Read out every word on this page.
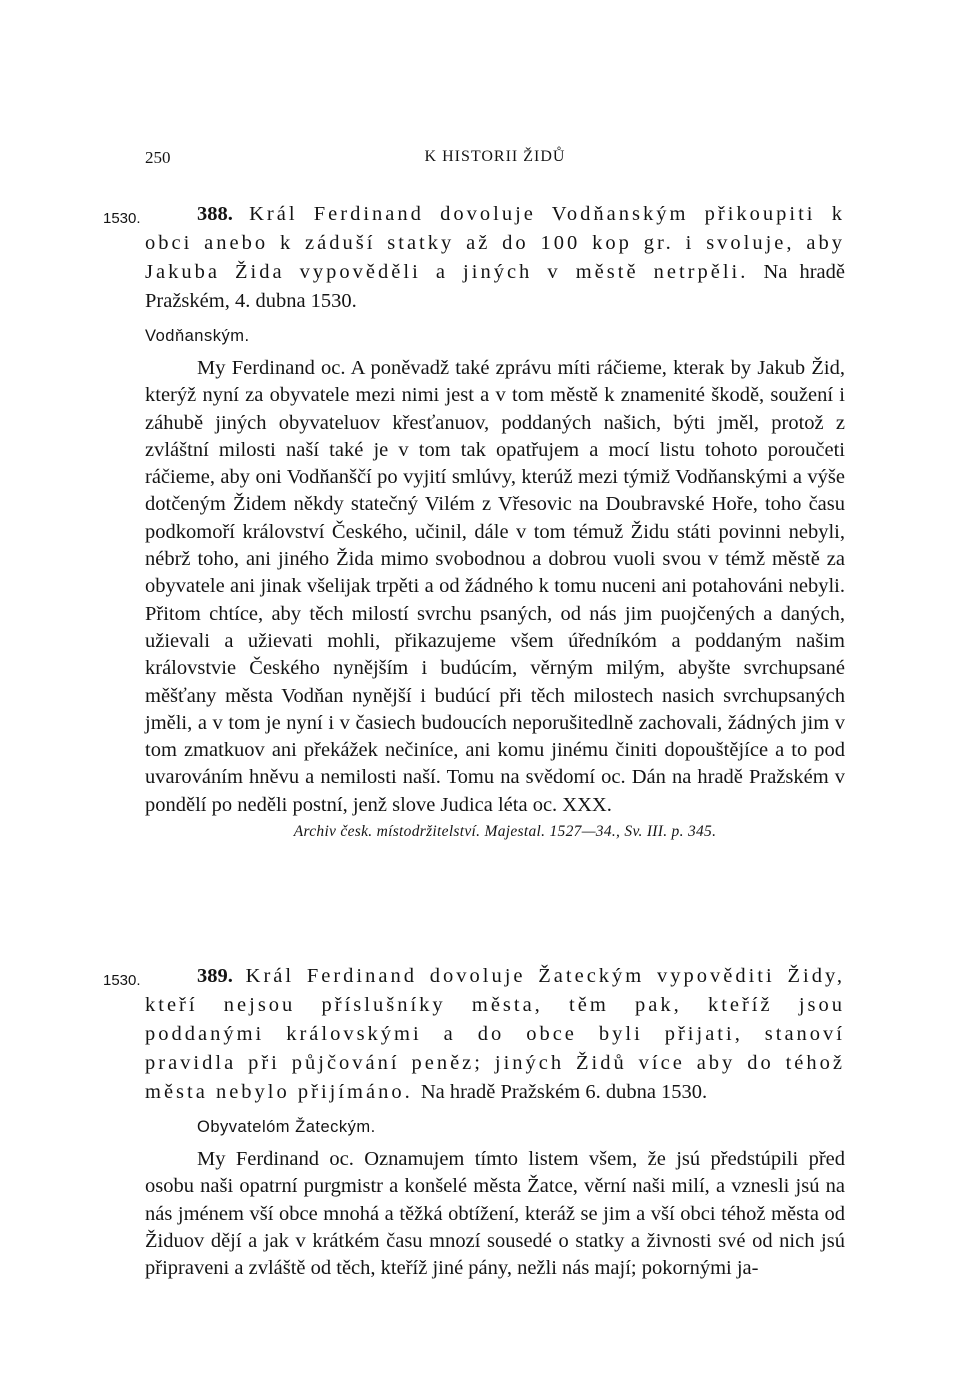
250	K HISTORII ŽIDŮ
1530.	388. Král Ferdinand dovoluje Vodňanským přikoupiti k obci anebo k záduší statky až do 100 kop gr. i svoluje, aby Jakuba Žida vypověděli a jiných v městě netrpěli. Na hradě Pražském, 4. dubna 1530.

Vodňanským.

My Ferdinand oc. A poněvadž také zprávu míti ráčieme, kterak by Jakub Žid, kterýž nyní za obyvatele mezi nimi jest a v tom městě k znamenité škodě, soužení i záhubě jiných obyvateluov křesťanuov, poddaných našich, býti jměl, protož z zvláštní milosti naší také je v tom tak opatřujem a mocí listu tohoto poroučeti ráčieme, aby oni Vodňanščí po vyjití smlúvy, kterúž mezi týmiž Vodňanskými a výše dotčeným Židem někdy statečný Vilém z Vřesovic na Doubravské Hoře, toho času podkomoří království Českého, učinil, dále v tom témuž Židu státi povinni nebyli, nébrž toho, ani jiného Žida mimo svobodnou a dobrou vuoli svou v témž městě za obyvatele ani jinak všelijak trpěti a od žádného k tomu nuceni ani potahováni nebyli. Přitom chtíce, aby těch milostí svrchu psaných, od nás jim puojčených a daných, užievali a užievati mohli, přikazujeme všem úředníkóm a poddaným našim královstvie Českého nynějším i budúcím, věrným milým, abyšte svrchupsané měšťany města Vodňan nynější i budúcí při těch milostech nasich svrchupsaných jměli, a v tom je nyní i v časiech budoucích neporušitedlně zachovali, žádných jim v tom zmatkuov ani překážek nečiníce, ani komu jinému činiti dopouštějíce a to pod uvarováním hněvu a nemilosti naší. Tomu na svědomí oc. Dán na hradě Pražském v pondělí po neděli postní, jenž slove Judica léta oc. XXX.

Archiv česk. místodržitelství. Majestal. 1527—34., Sv. III. p. 345.
1530.	389. Král Ferdinand dovoluje Žateckým vypověditi Židy, kteří nejsou příslušníky města, těm pak, kteříž jsou poddanými královskými a do obce byli přijati, stanoví pravidla při půjčování peněz; jiných Židů více aby do téhož města nebylo přijímáno. Na hradě Pražském 6. dubna 1530.

Obyvatelóm Žateckým.

My Ferdinand oc. Oznamujem tímto listem všem, že jsú předstúpili před osobu naši opatrní purgmistr a konšelé města Žatce, věrní naši milí, a vznesli jsú na nás jménem vší obce mnohá a těžká obtížení, kteráž se jim a vší obci téhož města od Židuov dějí a jak v krátkém času mnozí sousedé o statky a živnosti své od nich jsú připraveni a zvláště od těch, kteříž jiné pány, nežli nás mají; pokornými ja-
